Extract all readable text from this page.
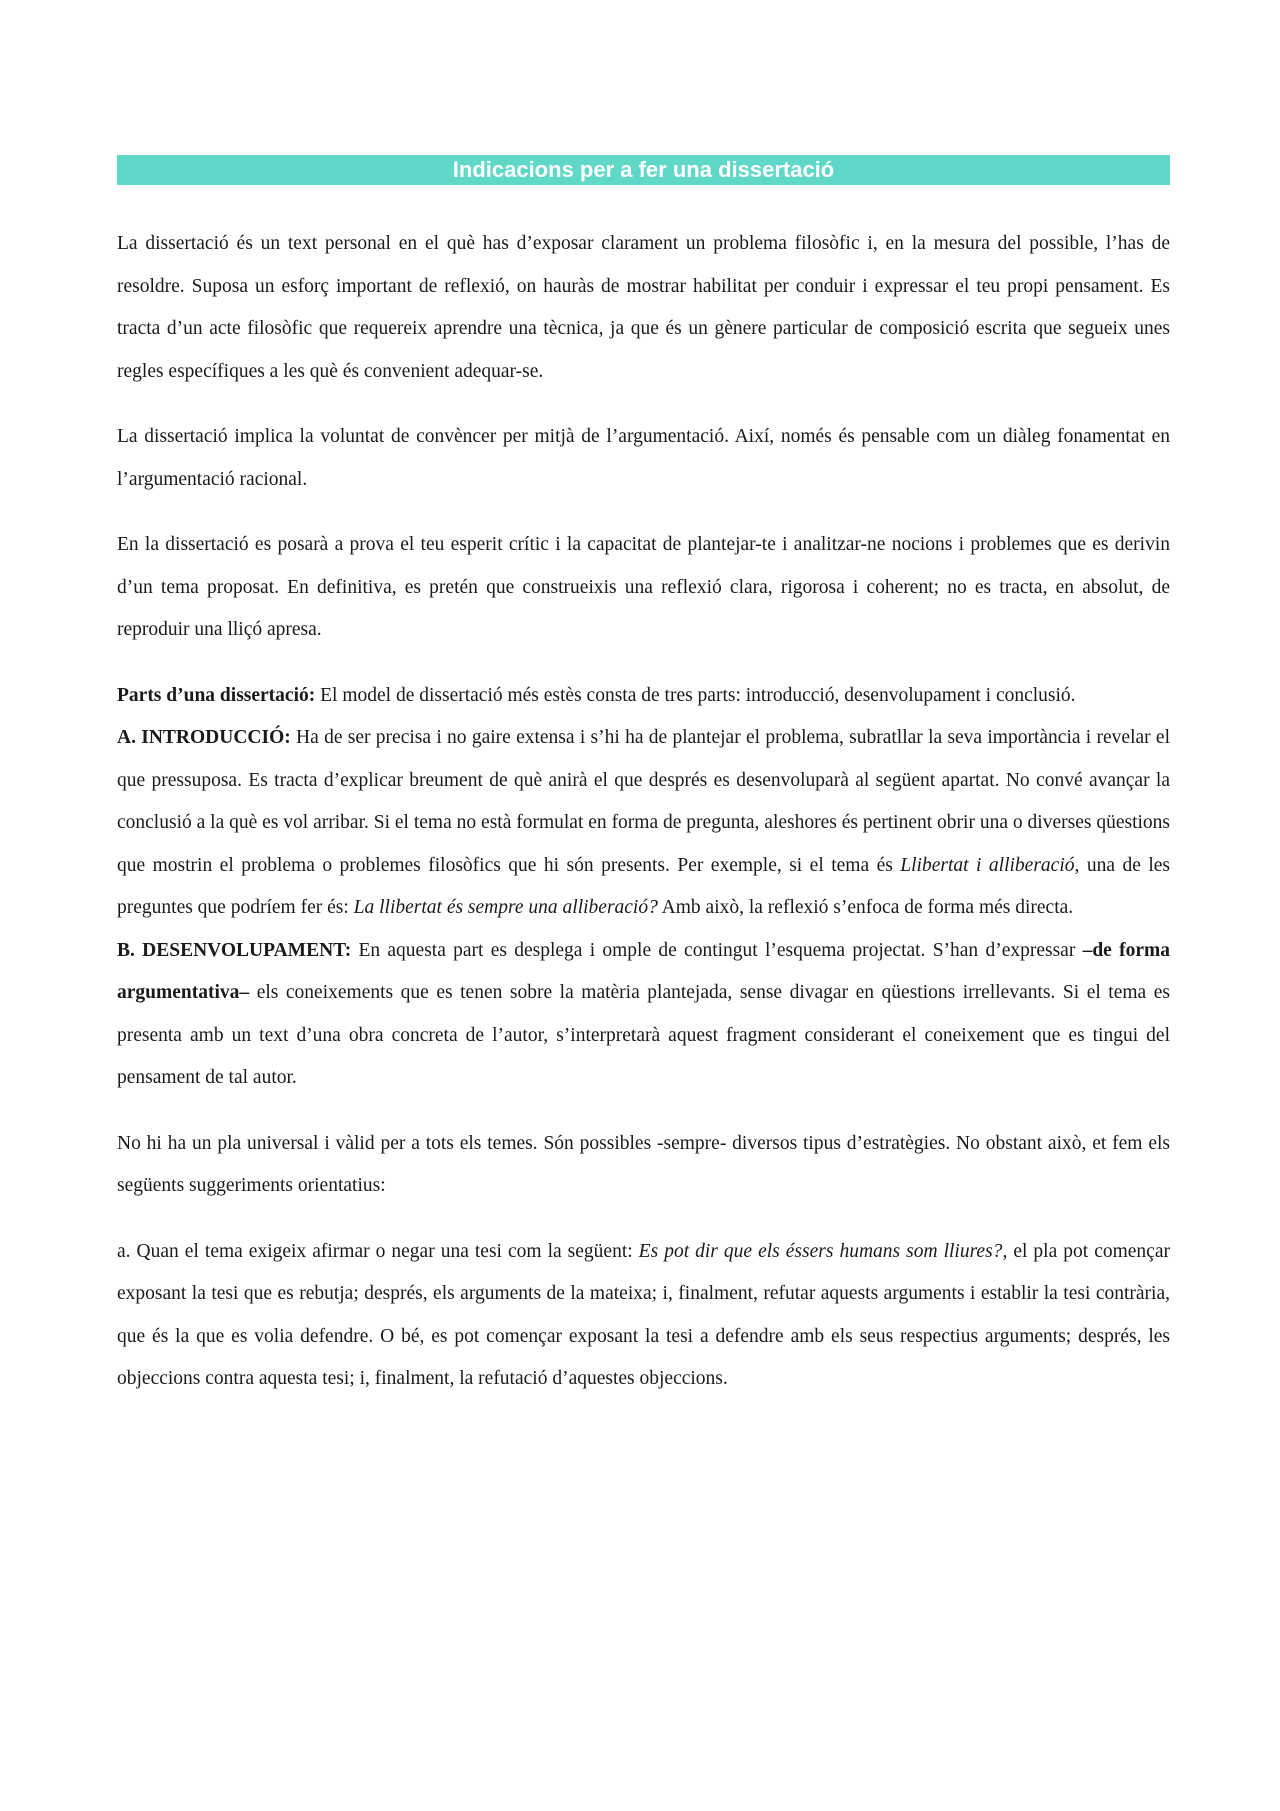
Indicacions per a fer una dissertació

La dissertació és un text personal en el què has d’exposar clarament un problema filosòfic i, en la mesura del possible, l’has de resoldre. Suposa un esforç important de reflexió, on hauràs de mostrar habilitat per conduir i expressar el teu propi pensament. Es tracta d’un acte filosòfic que requereix aprendre una tècnica, ja que és un gènere particular de composició escrita que segueix unes regles específiques a les què és convenient adequar-se.

La dissertació implica la voluntat de convèncer per mitjà de l’argumentació. Així, només és pensable com un diàleg fonamentat en l’argumentació racional.

En la dissertació es posarà a prova el teu esperit crític i la capacitat de plantejar-te i analitzar-ne nocions i problemes que es derivin d’un tema proposat. En definitiva, es pretén que construeixis una reflexió clara, rigorosa i coherent; no es tracta, en absolut, de reproduir una lliçó apresa.

Parts d’una dissertació: El model de dissertació més estès consta de tres parts: introducció, desenvolupament i conclusió.

A. INTRODUCCIÓ: Ha de ser precisa i no gaire extensa i s’hi ha de plantejar el problema, subratllar la seva importància i revelar el que pressuposa. Es tracta d’explicar breument de què anirà el que després es desenvoluparà al següent apartat. No convé avançar la conclusió a la què es vol arribar. Si el tema no està formulat en forma de pregunta, aleshores és pertinent obrir una o diverses qüestions que mostrin el problema o problemes filosòfics que hi són presents. Per exemple, si el tema és Llibertat i alliberació, una de les preguntes que podríem fer és: La llibertat és sempre una alliberació? Amb això, la reflexió s’enfoca de forma més directa.

B. DESENVOLUPAMENT: En aquesta part es desplega i omple de contingut l’esquema projectat. S’han d’expressar –de forma argumentativa– els coneixements que es tenen sobre la matèria plantejada, sense divagar en qüestions irrellevants. Si el tema es presenta amb un text d’una obra concreta de l’autor, s’interpretarà aquest fragment considerant el coneixement que es tingui del pensament de tal autor.

No hi ha un pla universal i vàlid per a tots els temes. Són possibles -sempre- diversos tipus d’estratègies. No obstant això, et fem els següents suggeriments orientatius:

a. Quan el tema exigeix afirmar o negar una tesi com la següent: Es pot dir que els éssers humans som lliures?, el pla pot començar exposant la tesi que es rebutja; després, els arguments de la mateixa; i, finalment, refutar aquests arguments i establir la tesi contrària, que és la que es volia defendre. O bé, es pot començar exposant la tesi a defendre amb els seus respectius arguments; després, les objeccions contra aquesta tesi; i, finalment, la refutació d’aquestes objeccions.
